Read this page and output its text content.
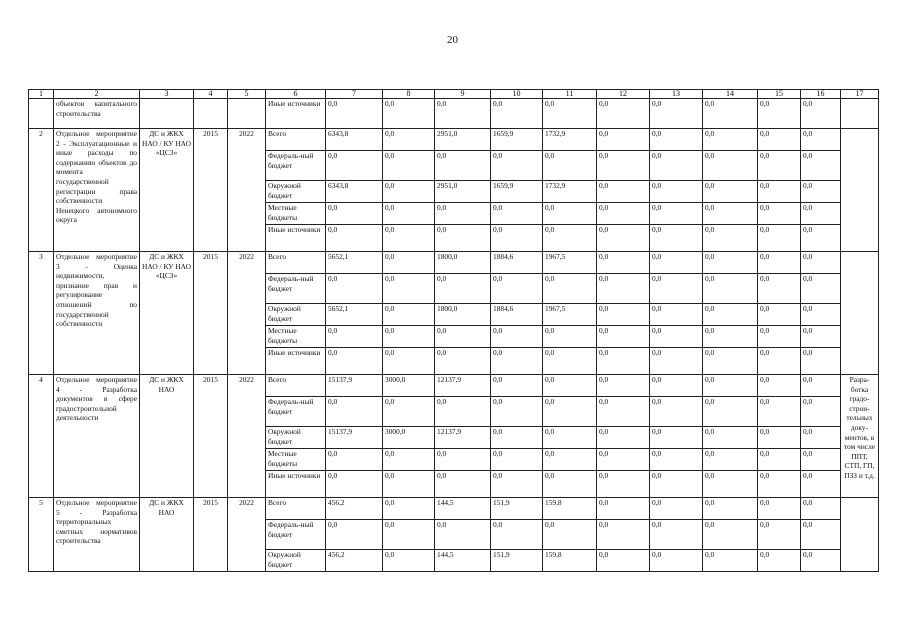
20
1	2	3	4	5	6	7	8	9	10	11	12	13	14	15	16	17
	объектов капитального строительства				Иные источники	0,0	0,0	0,0	0,0	0,0	0,0	0,0	0,0	0,0	0,0	
2	Отдельное мероприятие 2 - Эксплуатационные и иные расходы по содержанию объектов до момента государственной регистрации права собственности Ненецкого автономного округа	ДС и ЖКХ НАО / КУ НАО «ЦСЗ»	2015	2022	Всего	6343,8	0,0	2951,0	1659,9	1732,9	0,0	0,0	0,0	0,0	0,0	
					Федераль-ный бюджет	0,0	0,0	0,0	0,0	0,0	0,0	0,0	0,0	0,0	0,0	
					Окружной бюджет	6343,8	0,0	2951,0	1659,9	1732,9	0,0	0,0	0,0	0,0	0,0	
					Местные бюджеты	0,0	0,0	0,0	0,0	0,0	0,0	0,0	0,0	0,0	0,0	
					Иные источники	0,0	0,0	0,0	0,0	0,0	0,0	0,0	0,0	0,0	0,0	
3	Отдельное мероприятие 3 - Оценка недвижимости, признание прав и регулирование отношений по государственной собственности	ДС и ЖКХ НАО / КУ НАО «ЦСЗ»	2015	2022	Всего	5652,1	0,0	1800,0	1884,6	1967,5	0,0	0,0	0,0	0,0	0,0	
					Федераль-ный бюджет	0,0	0,0	0,0	0,0	0,0	0,0	0,0	0,0	0,0	0,0	
					Окружной бюджет	5652,1	0,0	1800,0	1884,6	1967,5	0,0	0,0	0,0	0,0	0,0	
					Местные бюджеты	0,0	0,0	0,0	0,0	0,0	0,0	0,0	0,0	0,0	0,0	
					Иные источники	0,0	0,0	0,0	0,0	0,0	0,0	0,0	0,0	0,0	0,0	
4	Отдельное мероприятие 4 - Разработка документов в сфере градостроительной деятельности	ДС и ЖКХ НАО	2015	2022	Всего	15137,9	3000,0	12137,9	0,0	0,0	0,0	0,0	0,0	0,0	0,0	Разра-ботка градо-строи-тельных доку-ментов, в том числе ППТ, СТП, ГП, ПЗЗ и т.д.
					Федераль-ный бюджет	0,0	0,0	0,0	0,0	0,0	0,0	0,0	0,0	0,0	0,0	
					Окружной бюджет	15137,9	3000,0	12137,9	0,0	0,0	0,0	0,0	0,0	0,0	0,0	
					Местные бюджеты	0,0	0,0	0,0	0,0	0,0	0,0	0,0	0,0	0,0	0,0	
					Иные источники	0,0	0,0	0,0	0,0	0,0	0,0	0,0	0,0	0,0	0,0	
5	Отдельное мероприятие 5 - Разработка территориальных сметных нормативов строительства	ДС и ЖКХ НАО	2015	2022	Всего	456,2	0,0	144,5	151,9	159,8	0,0	0,0	0,0	0,0	0,0	
					Федераль-ный бюджет	0,0	0,0	0,0	0,0	0,0	0,0	0,0	0,0	0,0	0,0	
					Окружной бюджет	456,2	0,0	144,5	151,9	159,8	0,0	0,0	0,0	0,0	0,0	
